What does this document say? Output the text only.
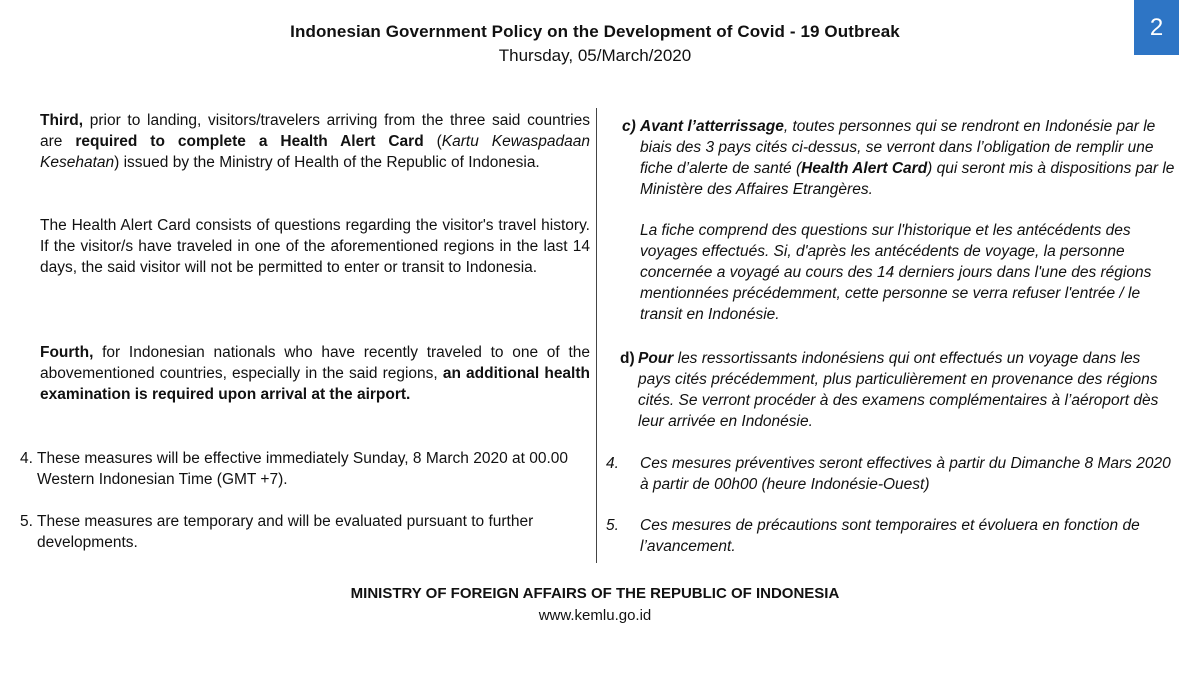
2
Indonesian Government Policy on the Development of Covid - 19 Outbreak
Thursday, 05/March/2020

Third, prior to landing, visitors/travelers arriving from the three said countries are required to complete a Health Alert Card (Kartu Kewaspadaan Kesehatan) issued by the Ministry of Health of the Republic of Indonesia.

The Health Alert Card consists of questions regarding the visitor's travel history. If the visitor/s have traveled in one of the aforementioned regions in the last 14 days, the said visitor will not be permitted to enter or transit to Indonesia.

Fourth, for Indonesian nationals who have recently traveled to one of the abovementioned countries, especially in the said regions, an additional health examination is required upon arrival at the airport.

4. These measures will be effective immediately Sunday, 8 March 2020 at 00.00 Western Indonesian Time (GMT +7).
5. These measures are temporary and will be evaluated pursuant to further developments.
c) Avant l’atterrissage, toutes personnes qui se rendront en Indonésie par le biais des 3 pays cités ci-dessus, se verront dans l’obligation de remplir une fiche d’alerte de santé (Health Alert Card) qui seront mis à dispositions par le Ministère des Affaires Etrangères.
La fiche comprend des questions sur l'historique et les antécédents des voyages effectués. Si, d'après les antécédents de voyage, la personne concernée a voyagé au cours des 14 derniers jours dans l'une des régions mentionnées précédemment, cette personne se verra refuser l'entrée / le transit en Indonésie.
d) Pour les ressortissants indonésiens qui ont effectués un voyage dans les pays cités précédemment, plus particulièrement en provenance des régions cités. Se verront procéder à des examens complémentaires à l’aéroport dès leur arrivée en Indonésie.
4.	Ces mesures préventives seront effectives à partir du Dimanche 8 Mars 2020 à partir de 00h00 (heure Indonésie-Ouest)
5.	Ces mesures de précautions sont temporaires et évoluera en fonction de l’avancement.
MINISTRY OF FOREIGN AFFAIRS OF THE REPUBLIC OF INDONESIA
www.kemlu.go.id
